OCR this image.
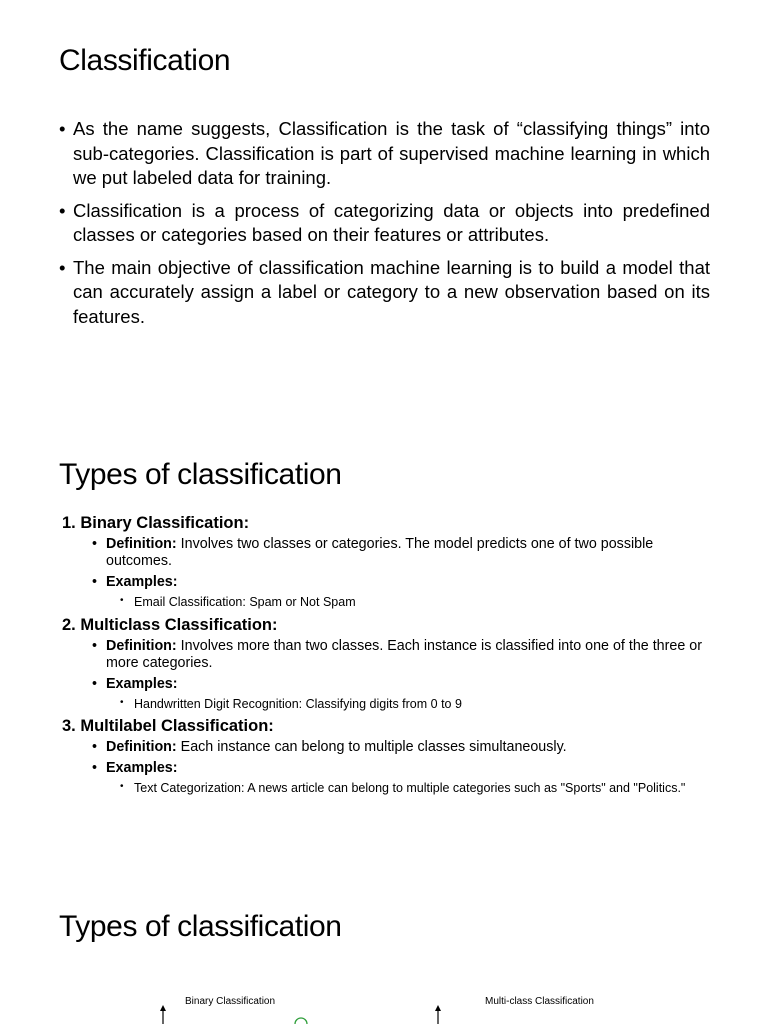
Classification
• As the name suggests, Classification is the task of “classifying things” into sub-categories. Classification is part of supervised machine learning in which we put labeled data for training.
• Classification is a process of categorizing data or objects into predefined classes or categories based on their features or attributes.
• The main objective of classification machine learning is to build a model that can accurately assign a label or category to a new observation based on its features.
Types of classification
1. Binary Classification:
• Definition: Involves two classes or categories. The model predicts one of two possible outcomes.
• Examples:
• Email Classification: Spam or Not Spam
2. Multiclass Classification:
• Definition: Involves more than two classes. Each instance is classified into one of the three or more categories.
• Examples:
• Handwritten Digit Recognition: Classifying digits from 0 to 9
3. Multilabel Classification:
• Definition: Each instance can belong to multiple classes simultaneously.
• Examples:
• Text Categorization: A news article can belong to multiple categories such as "Sports" and "Politics."
Types of classification
Binary Classification	Multi-class Classification
